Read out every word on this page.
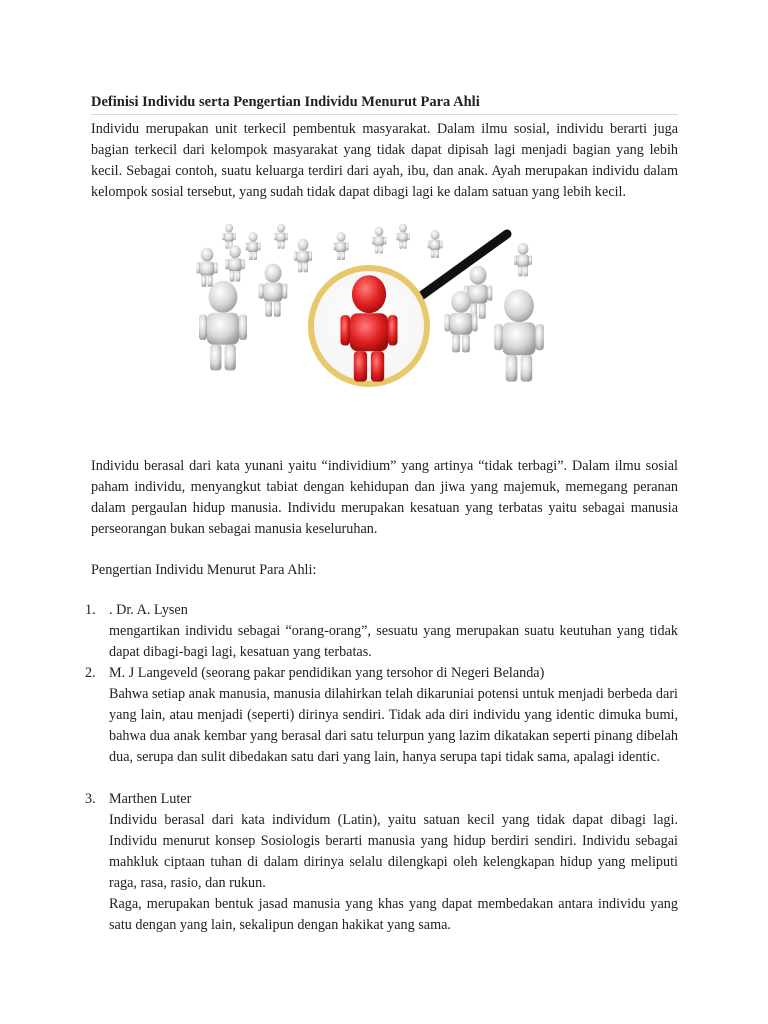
Definisi Individu serta Pengertian Individu Menurut Para Ahli

Individu merupakan unit terkecil pembentuk masyarakat. Dalam ilmu sosial, individu berarti juga bagian terkecil dari kelompok masyarakat yang tidak dapat dipisah lagi menjadi bagian yang lebih kecil. Sebagai contoh, suatu keluarga terdiri dari ayah, ibu, dan anak. Ayah merupakan individu dalam kelompok sosial tersebut, yang sudah tidak dapat dibagi lagi ke dalam satuan yang lebih kecil.

Individu berasal dari kata yunani yaitu “individium” yang artinya “tidak terbagi”. Dalam ilmu sosial paham individu, menyangkut tabiat dengan kehidupan dan jiwa yang majemuk, memegang peranan dalam pergaulan hidup manusia. Individu merupakan kesatuan yang terbatas yaitu sebagai manusia perseorangan bukan sebagai manusia keseluruhan.

Pengertian Individu Menurut Para Ahli:
1. . Dr. A. Lysen

mengartikan individu sebagai “orang-orang”, sesuatu yang merupakan suatu keutuhan yang tidak dapat dibagi-bagi lagi, kesatuan yang terbatas.

2. M. J Langeveld (seorang pakar pendidikan yang tersohor di Negeri Belanda)

Bahwa setiap anak manusia, manusia dilahirkan telah dikaruniai potensi untuk menjadi berbeda dari yang lain, atau menjadi (seperti) dirinya sendiri. Tidak ada diri individu yang identic dimuka bumi, bahwa dua anak kembar yang berasal dari satu telurpun yang lazim dikatakan seperti pinang dibelah dua, serupa dan sulit dibedakan satu dari yang lain, hanya serupa tapi tidak sama, apalagi identic.

3. Marthen Luter

Individu berasal dari kata individum (Latin), yaitu satuan kecil yang tidak dapat dibagi lagi. Individu menurut konsep Sosiologis berarti manusia yang hidup berdiri sendiri. Individu sebagai mahkluk ciptaan tuhan di dalam dirinya selalu dilengkapi oleh kelengkapan hidup yang meliputi raga, rasa, rasio, dan rukun.

Raga, merupakan bentuk jasad manusia yang khas yang dapat membedakan antara individu yang satu dengan yang lain, sekalipun dengan hakikat yang sama.
